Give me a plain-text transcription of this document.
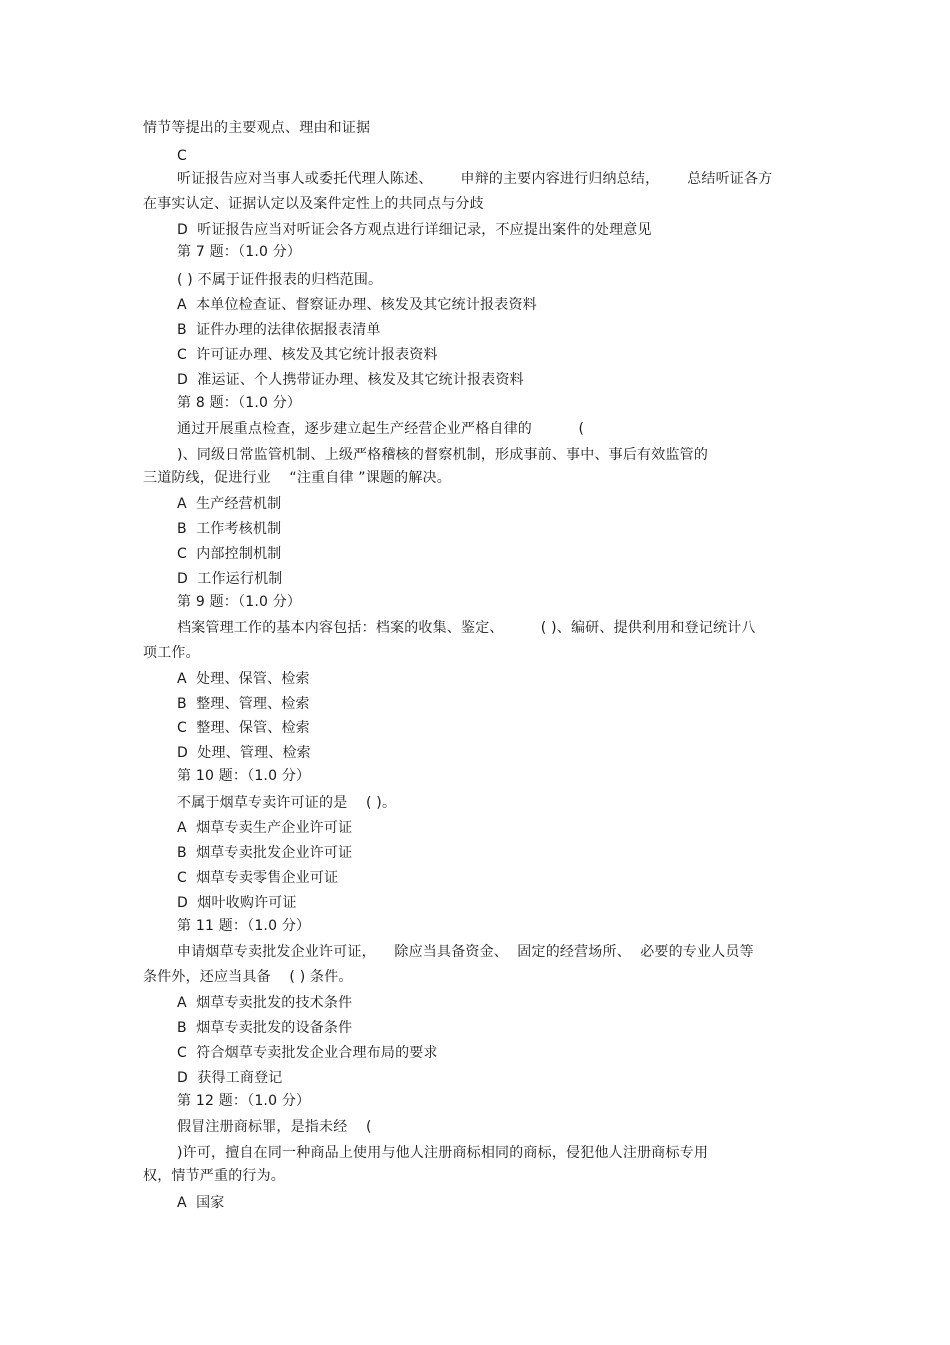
情节等提出的主要观点、理由和证据
C
听证报告应对当事人或委托代理人陈述、      申辩的主要内容进行归纳总结，      总结听证各方
在事实认定、证据认定以及案件定性上的共同点与分歧
D  听证报告应当对听证会各方观点进行详细记录，不应提出案件的处理意见
第 7 题：（1.0 分）
( ) 不属于证件报表的归档范围。
A  本单位检查证、督察证办理、核发及其它统计报表资料
B  证件办理的法律依据报表清单
C  许可证办理、核发及其它统计报表资料
D  准运证、个人携带证办理、核发及其它统计报表资料
第 8 题：（1.0 分）
通过开展重点检查，逐步建立起生产经营企业严格自律的          (
)、同级日常监管机制、上级严格稽核的督察机制，形成事前、事中、事后有效监管的
三道防线，促进行业    “注重自律 ”课题的解决。
A  生产经营机制
B  工作考核机制
C  内部控制机制
D  工作运行机制
第 9 题：（1.0 分）
档案管理工作的基本内容包括：档案的收集、鉴定、        ( )、编研、提供利用和登记统计八
项工作。
A  处理、保管、检索
B  整理、管理、检索
C  整理、保管、检索
D  处理、管理、检索
第 10 题：（1.0 分）
不属于烟草专卖许可证的是    ( )。
A  烟草专卖生产企业许可证
B  烟草专卖批发企业许可证
C  烟草专卖零售企业可证
D  烟叶收购许可证
第 11 题：（1.0 分）
申请烟草专卖批发企业许可证，    除应当具备资金、  固定的经营场所、  必要的专业人员等
条件外，还应当具备    ( ) 条件。
A  烟草专卖批发的技术条件
B  烟草专卖批发的设备条件
C  符合烟草专卖批发企业合理布局的要求
D  获得工商登记
第 12 题：（1.0 分）
假冒注册商标罪，是指未经    (
)许可，擅自在同一种商品上使用与他人注册商标相同的商标，侵犯他人注册商标专用
权，情节严重的行为。
A  国家
